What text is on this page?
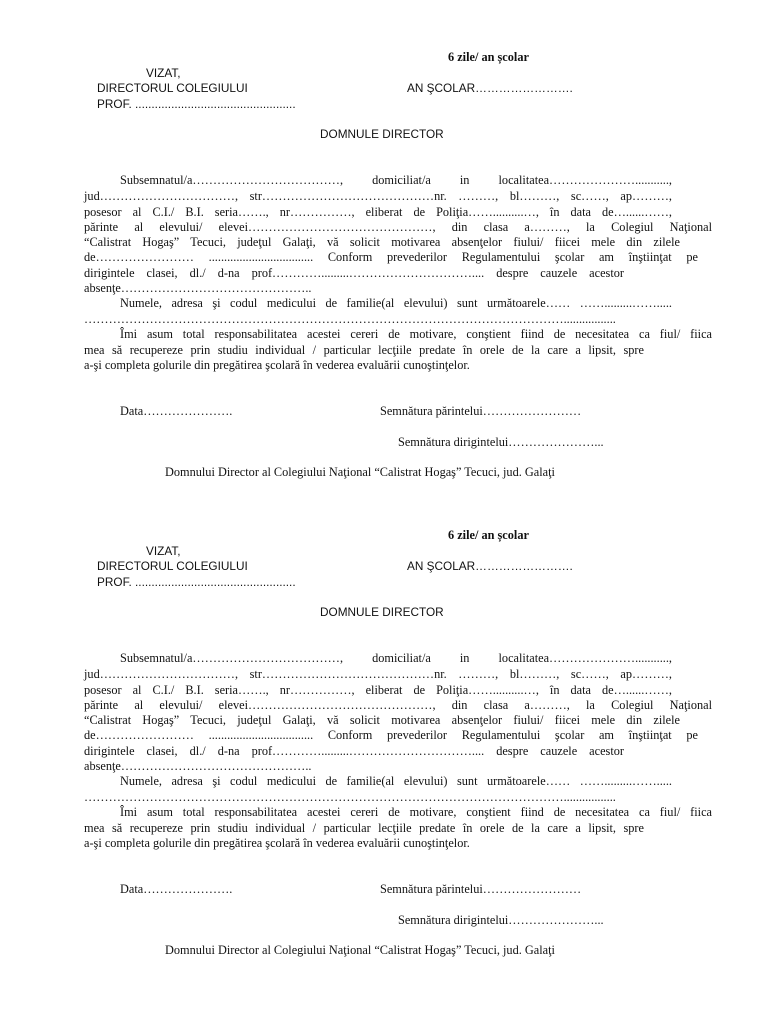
6 zile/ an școlar
VIZAT,
DIRECTORUL COLEGIULUI	AN ŞCOLAR…………………….
PROF. .................................................
DOMNULE DIRECTOR
Subsemnatul/a………………………………, domiciliat/a in localitatea…………………...........,
jud……………………………, str……………………………………nr. ………, bl………, sc……, ap………,
posesor al C.I./ B.I. seria……., nr……………, eliberat de Poliţia……..........…, în data de…......……,
părinte al elevului/ elevei………………………………………, din clasa a………, la Colegiul Naţional
“Calistrat Hogaş” Tecuci, judeţul Galaţi, vă solicit motivarea absenţelor fiului/ fiicei mele din zilele
de…………………… .................................. Conform prevederilor Regulamentului şcolar am înştiinţat pe
dirigintele clasei, dl./ d-na prof………….........………………………….... despre cauzele acestor
absenţe………………………………………..
Numele, adresa şi codul medicului de familie(al elevului) sunt următoarele…… …….........…….....
……………………………………………………………………………………………………….................
Îmi asum total responsabilitatea acestei cereri de motivare, conştient fiind de necesitatea ca fiul/ fiica
mea să recupereze prin studiu individual / particular lecţiile predate în orele de la care a lipsit, spre
a-şi completa golurile din pregătirea şcolară în vederea evaluării cunoştinţelor.
Data………………….	Semnătura părintelui……………………
Semnătura dirigintelui…………………...
Domnului Director al Colegiului Naţional “Calistrat Hogaş” Tecuci, jud. Galaţi
6 zile/ an școlar
VIZAT,
DIRECTORUL COLEGIULUI	AN ŞCOLAR…………………….
PROF. .................................................
DOMNULE DIRECTOR
Subsemnatul/a………………………………, domiciliat/a in localitatea…………………...........,
jud……………………………, str……………………………………nr. ………, bl………, sc……, ap………,
posesor al C.I./ B.I. seria……., nr……………, eliberat de Poliţia……..........…, în data de…......……,
părinte al elevului/ elevei………………………………………, din clasa a………, la Colegiul Naţional
“Calistrat Hogaş” Tecuci, judeţul Galaţi, vă solicit motivarea absenţelor fiului/ fiicei mele din zilele
de…………………… .................................. Conform prevederilor Regulamentului şcolar am înştiinţat pe
dirigintele clasei, dl./ d-na prof………….........………………………….... despre cauzele acestor
absenţe………………………………………..
Numele, adresa şi codul medicului de familie(al elevului) sunt următoarele…… …….........…….....
……………………………………………………………………………………………………….................
Îmi asum total responsabilitatea acestei cereri de motivare, conştient fiind de necesitatea ca fiul/ fiica
mea să recupereze prin studiu individual / particular lecţiile predate în orele de la care a lipsit, spre
a-şi completa golurile din pregătirea şcolară în vederea evaluării cunoştinţelor.
Data………………….	Semnătura părintelui……………………
Semnătura dirigintelui…………………...
Domnului Director al Colegiului Naţional “Calistrat Hogaş” Tecuci, jud. Galaţi
